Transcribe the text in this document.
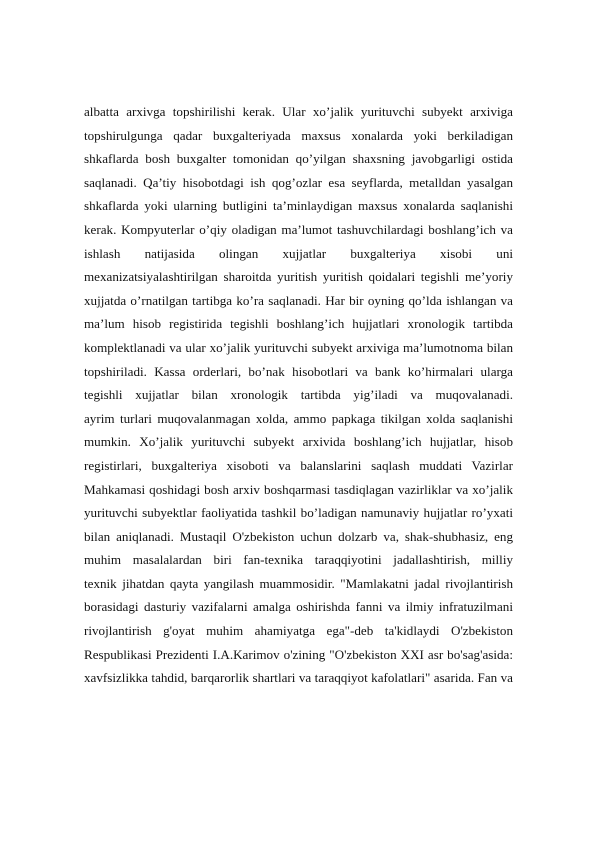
albatta arxivga topshirilishi kerak. Ular xo’jalik yurituvchi subyekt arxiviga
topshirulgunga qadar buxgalteriyada maxsus xonalarda yoki berkiladigan
shkaflarda bosh buxgalter tomonidan qo’yilgan shaxsning javobgarligi ostida
saqlanadi. Qa’tiy hisobotdagi ish qog’ozlar esa seyflarda, metalldan yasalgan
shkaflarda yoki ularning butligini ta’minlaydigan maxsus xonalarda saqlanishi
kerak. Kompyuterlar o’qiy oladigan ma’lumot tashuvchilardagi boshlang’ich va
ishlash natijasida olingan xujjatlar buxgalteriya xisobi uni
mexanizatsiyalashtirilgan sharoitda yuritish yuritish qoidalari tegishli me’yoriy
xujjatda o’rnatilgan tartibga ko’ra saqlanadi. Har bir oyning qo’lda ishlangan va
ma’lum hisob registirida tegishli boshlang’ich hujjatlari xronologik tartibda
komplektlanadi va ular xo’jalik yurituvchi subyekt arxiviga ma’lumotnoma bilan
topshiriladi. Kassa orderlari, bo’nak hisobotlari va bank ko’hirmalari ularga
tegishli xujjatlar bilan xronologik tartibda yig’iladi va muqovalanadi.
ayrim turlari muqovalanmagan xolda, ammo papkaga tikilgan xolda saqlanishi
mumkin. Xo’jalik yurituvchi subyekt arxivida boshlang’ich hujjatlar, hisob
registirlari, buxgalteriya xisoboti va balanslarini saqlash muddati Vazirlar
Mahkamasi qoshidagi bosh arxiv boshqarmasi tasdiqlagan vazirliklar va xo’jalik
yurituvchi subyektlar faoliyatida tashkil bo’ladigan namunaviy hujjatlar ro’yxati
bilan aniqlanadi. Mustaqil O'zbekiston uchun dolzarb va, shak-shubhasiz, eng
muhim masalalardan biri fan-texnika taraqqiyotini jadallashtirish, milliy
texnik jihatdan qayta yangilash muammosidir. "Mamlakatni jadal rivojlantirish
borasidagi dasturiy vazifalarni amalga oshirishda fanni va ilmiy infratuzilmani
rivojlantirish g'oyat muhim ahamiyatga ega"-deb ta'kidlaydi O'zbekiston
Respublikasi Prezidenti I.A.Karimov o'zining "O'zbekiston XXI asr bo'sag'asida:
xavfsizlikka tahdid, barqarorlik shartlari va taraqqiyot kafolatlari" asarida. Fan va
